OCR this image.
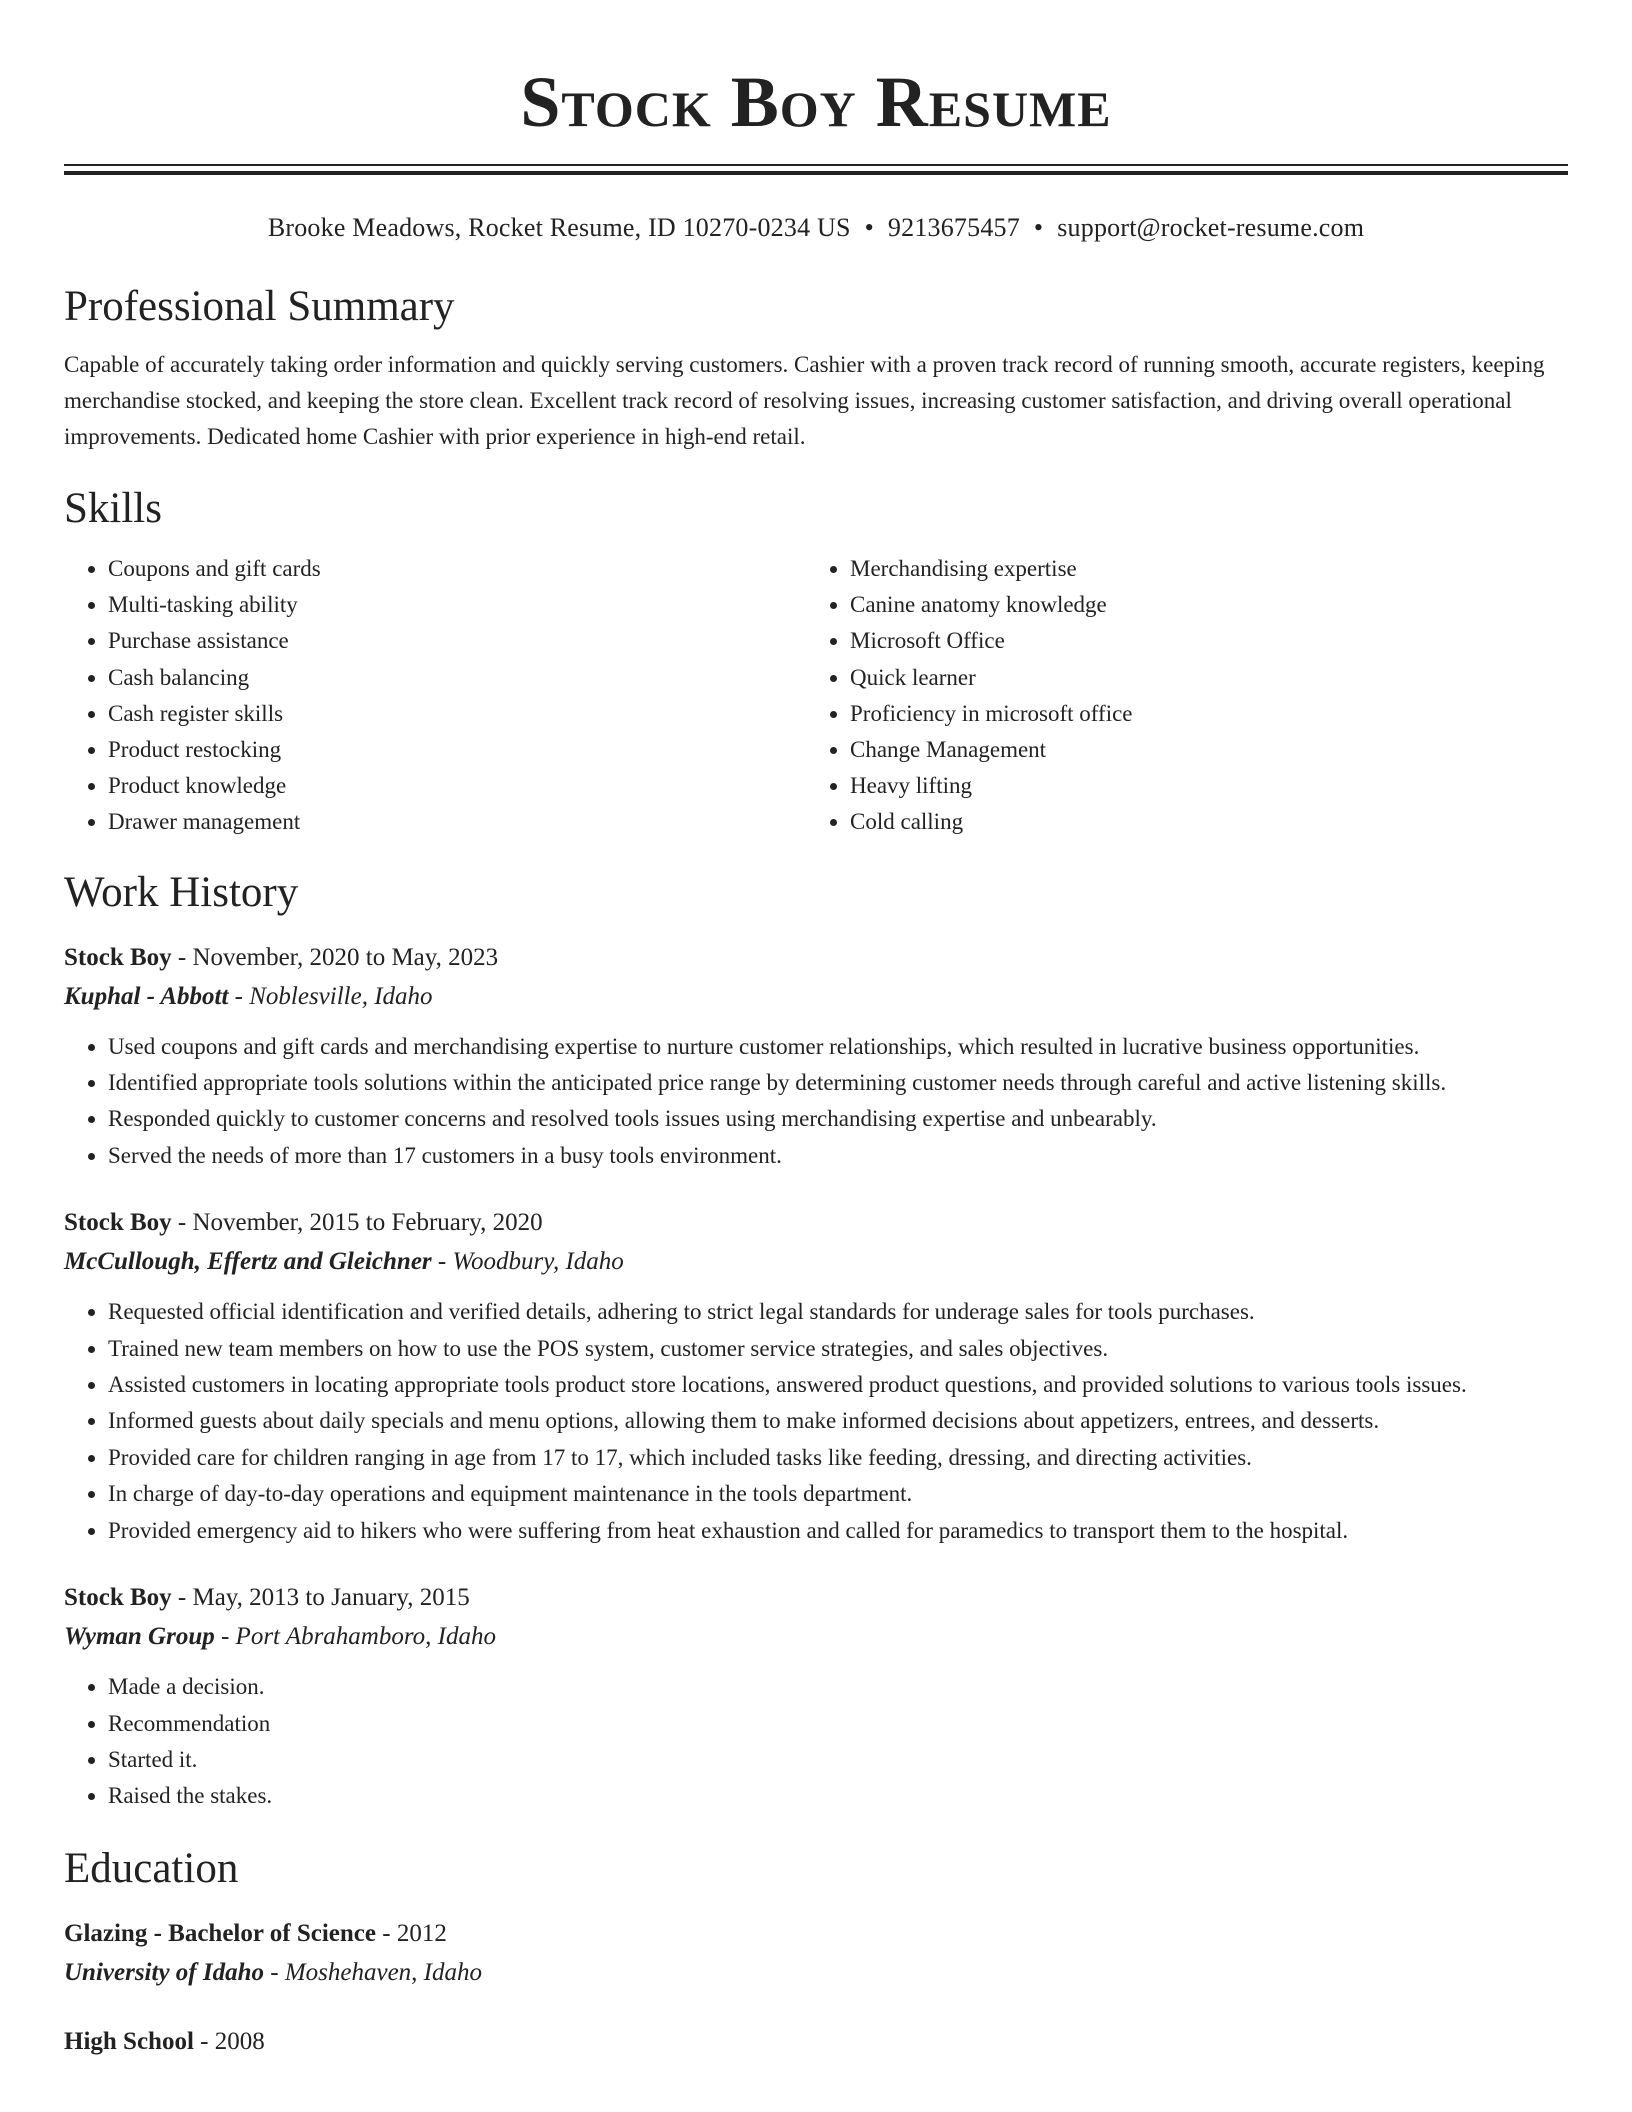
Stock Boy Resume
Brooke Meadows, Rocket Resume, ID 10270-0234 US • 9213675457 • support@rocket-resume.com
Professional Summary

Capable of accurately taking order information and quickly serving customers. Cashier with a proven track record of running smooth, accurate registers, keeping merchandise stocked, and keeping the store clean. Excellent track record of resolving issues, increasing customer satisfaction, and driving overall operational improvements. Dedicated home Cashier with prior experience in high-end retail.

Skills
• Coupons and gift cards
• Multi-tasking ability
• Purchase assistance
• Cash balancing
• Cash register skills
• Product restocking
• Product knowledge
• Drawer management
• Merchandising expertise
• Canine anatomy knowledge
• Microsoft Office
• Quick learner
• Proficiency in microsoft office
• Change Management
• Heavy lifting
• Cold calling
Work History
Stock Boy - November, 2020 to May, 2023
Kuphal - Abbott - Noblesville, Idaho
• Used coupons and gift cards and merchandising expertise to nurture customer relationships, which resulted in lucrative business opportunities.
• Identified appropriate tools solutions within the anticipated price range by determining customer needs through careful and active listening skills.
• Responded quickly to customer concerns and resolved tools issues using merchandising expertise and unbearably.
• Served the needs of more than 17 customers in a busy tools environment.
Stock Boy - November, 2015 to February, 2020
McCullough, Effertz and Gleichner - Woodbury, Idaho
• Requested official identification and verified details, adhering to strict legal standards for underage sales for tools purchases.
• Trained new team members on how to use the POS system, customer service strategies, and sales objectives.
• Assisted customers in locating appropriate tools product store locations, answered product questions, and provided solutions to various tools issues.
• Informed guests about daily specials and menu options, allowing them to make informed decisions about appetizers, entrees, and desserts.
• Provided care for children ranging in age from 17 to 17, which included tasks like feeding, dressing, and directing activities.
• In charge of day-to-day operations and equipment maintenance in the tools department.
• Provided emergency aid to hikers who were suffering from heat exhaustion and called for paramedics to transport them to the hospital.
Stock Boy - May, 2013 to January, 2015
Wyman Group - Port Abrahamboro, Idaho
• Made a decision.
• Recommendation
• Started it.
• Raised the stakes.
Education
Glazing - Bachelor of Science - 2012
University of Idaho - Moshehaven, Idaho
High School - 2008
